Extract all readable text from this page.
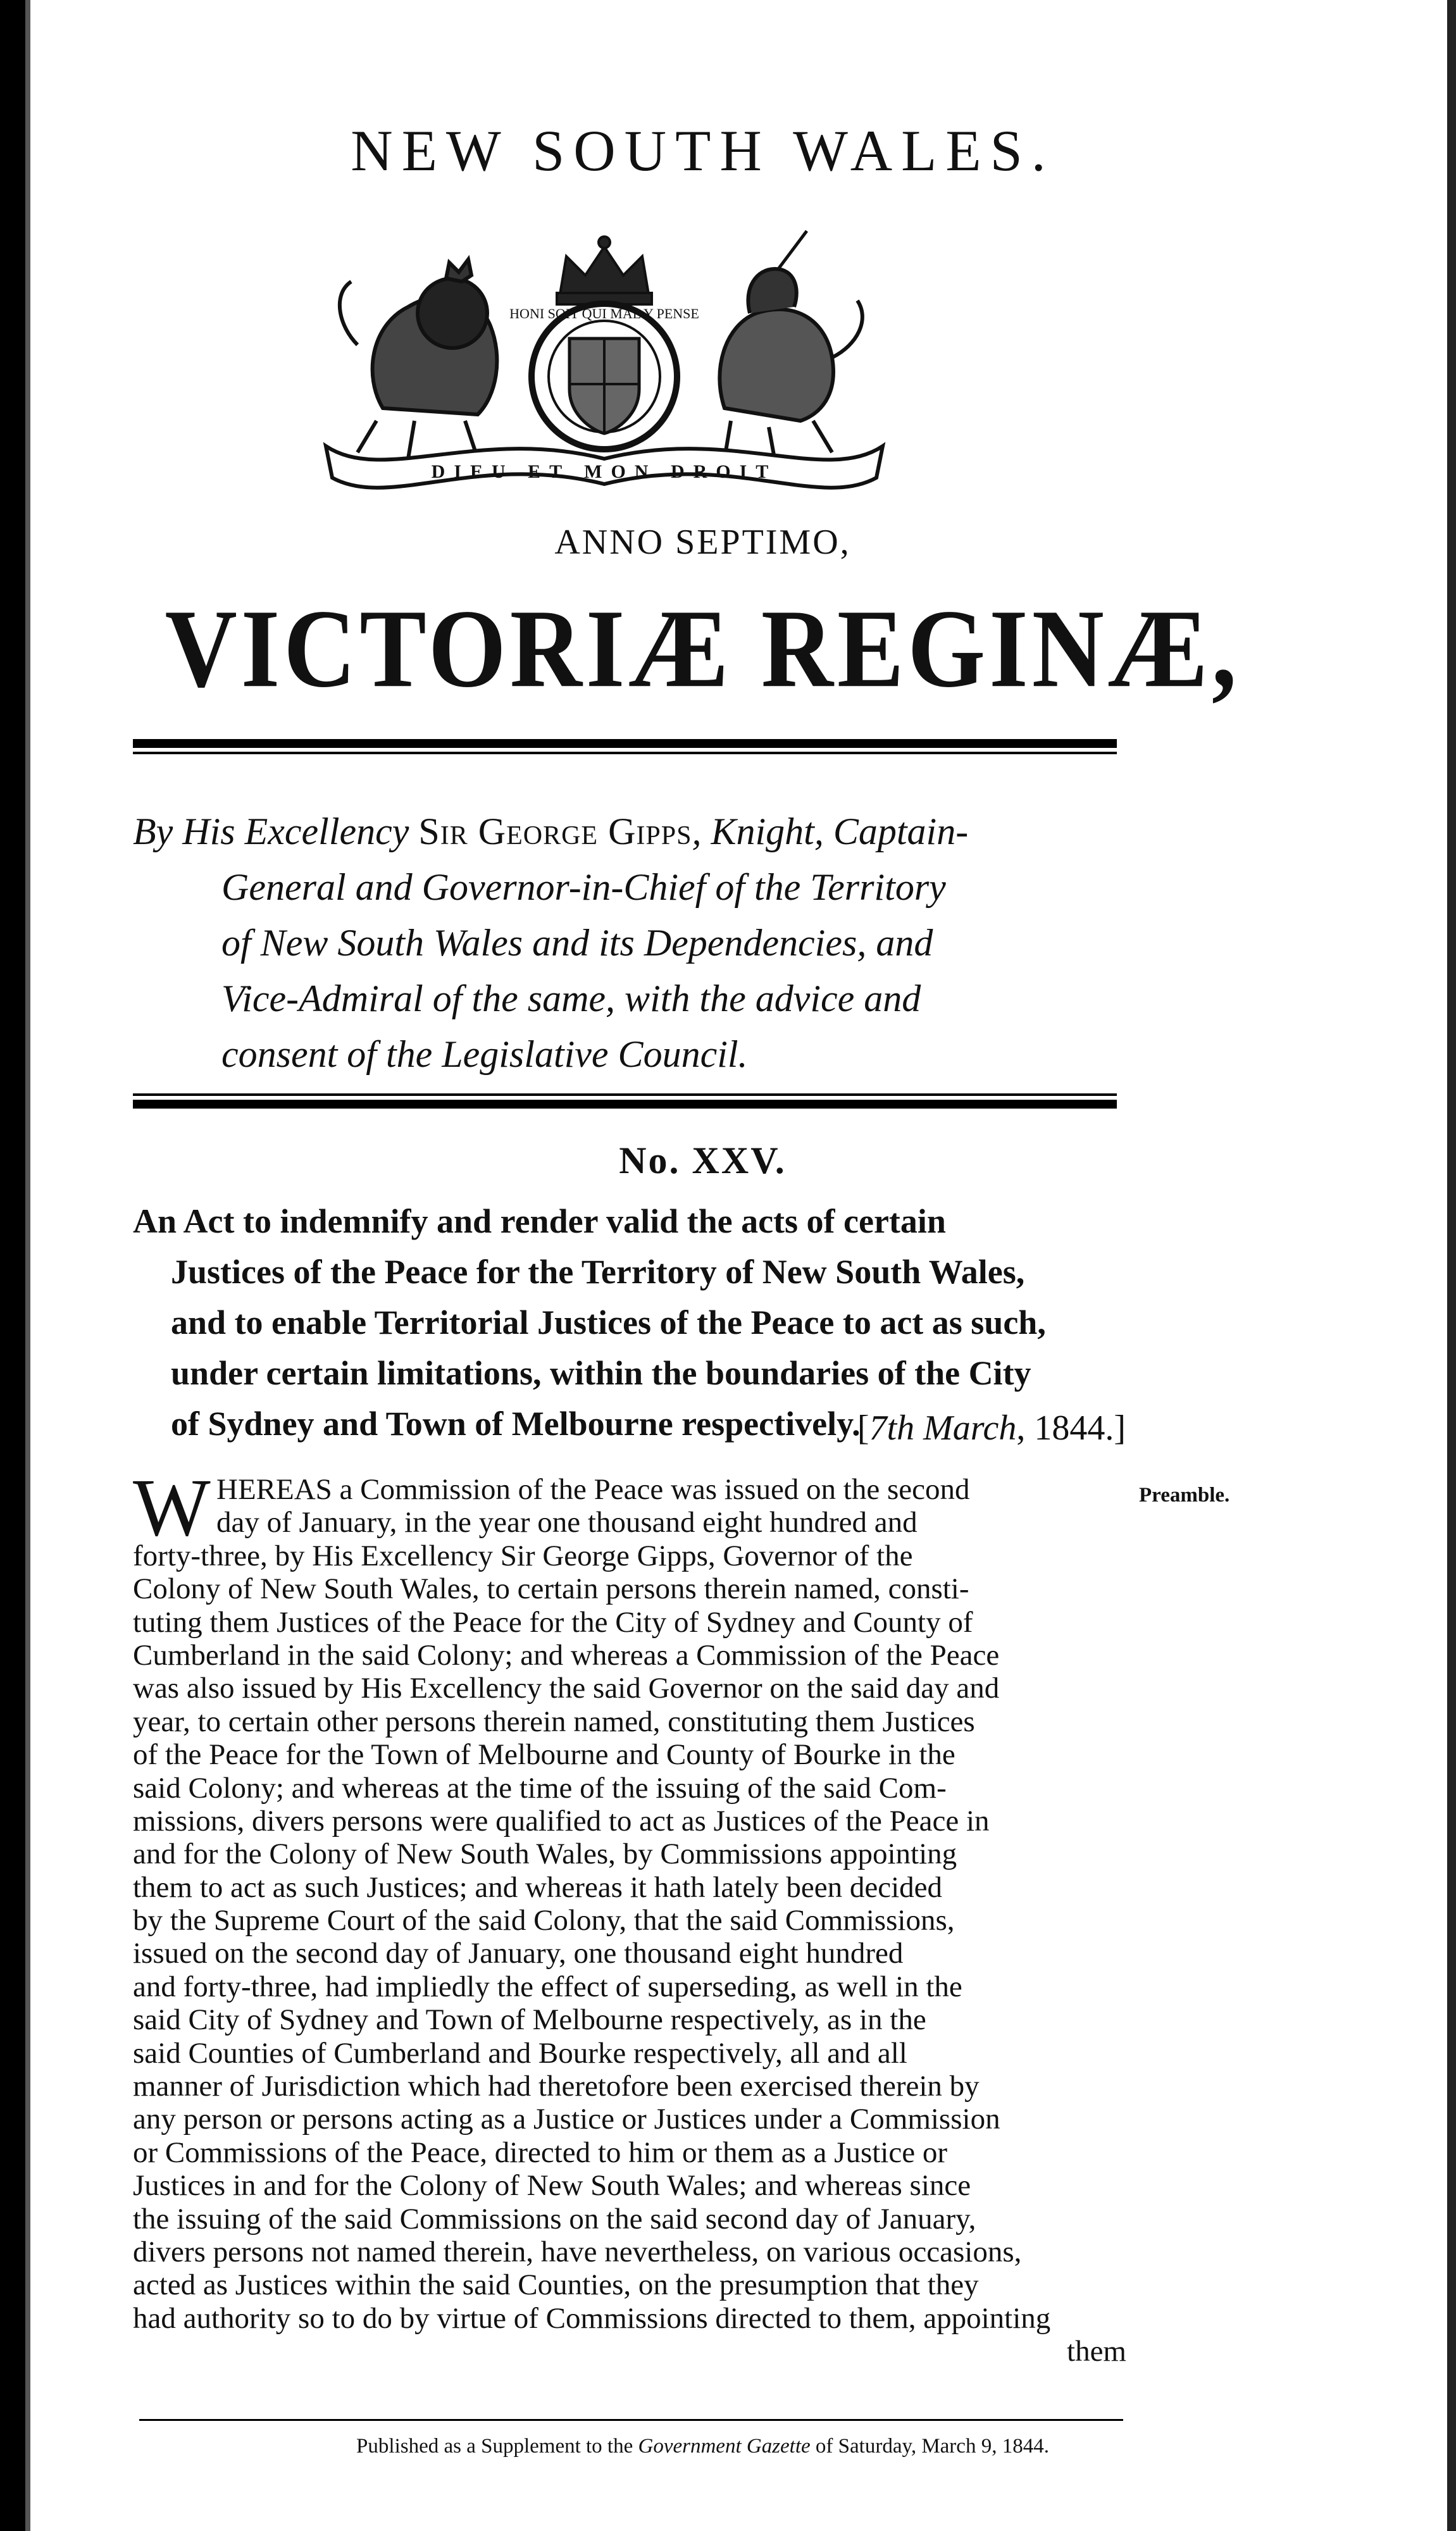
NEW SOUTH WALES.
HONI SOIT QUI MAL Y PENSE
DIEU ET MON DROIT
ANNO SEPTIMO,
VICTORIÆ REGINÆ,
By His Excellency Sir George Gipps, Knight, Captain-
General and Governor-in-Chief of the Territory
of New South Wales and its Dependencies, and
Vice-Admiral of the same, with the advice and
consent of the Legislative Council.
No. XXV.
An Act to indemnify and render valid the acts of certain
Justices of the Peace for the Territory of New South Wales,
and to enable Territorial Justices of the Peace to act as such,
under certain limitations, within the boundaries of the City
of Sydney and Town of Melbourne respectively.
[7th March, 1844.]
Preamble.
W HEREAS a Commission of the Peace was issued on the second
day of January, in the year one thousand eight hundred and
forty-three, by His Excellency Sir George Gipps, Governor of the
Colony of New South Wales, to certain persons therein named, consti-
tuting them Justices of the Peace for the City of Sydney and County of
Cumberland in the said Colony; and whereas a Commission of the Peace
was also issued by His Excellency the said Governor on the said day and
year, to certain other persons therein named, constituting them Justices
of the Peace for the Town of Melbourne and County of Bourke in the
said Colony; and whereas at the time of the issuing of the said Com-
missions, divers persons were qualified to act as Justices of the Peace in
and for the Colony of New South Wales, by Commissions appointing
them to act as such Justices; and whereas it hath lately been decided
by the Supreme Court of the said Colony, that the said Commissions,
issued on the second day of January, one thousand eight hundred
and forty-three, had impliedly the effect of superseding, as well in the
said City of Sydney and Town of Melbourne respectively, as in the
said Counties of Cumberland and Bourke respectively, all and all
manner of Jurisdiction which had theretofore been exercised therein by
any person or persons acting as a Justice or Justices under a Commission
or Commissions of the Peace, directed to him or them as a Justice or
Justices in and for the Colony of New South Wales; and whereas since
the issuing of the said Commissions on the said second day of January,
divers persons not named therein, have nevertheless, on various occasions,
acted as Justices within the said Counties, on the presumption that they
had authority so to do by virtue of Commissions directed to them, appointing
them
Published as a Supplement to the Government Gazette of Saturday, March 9, 1844.
